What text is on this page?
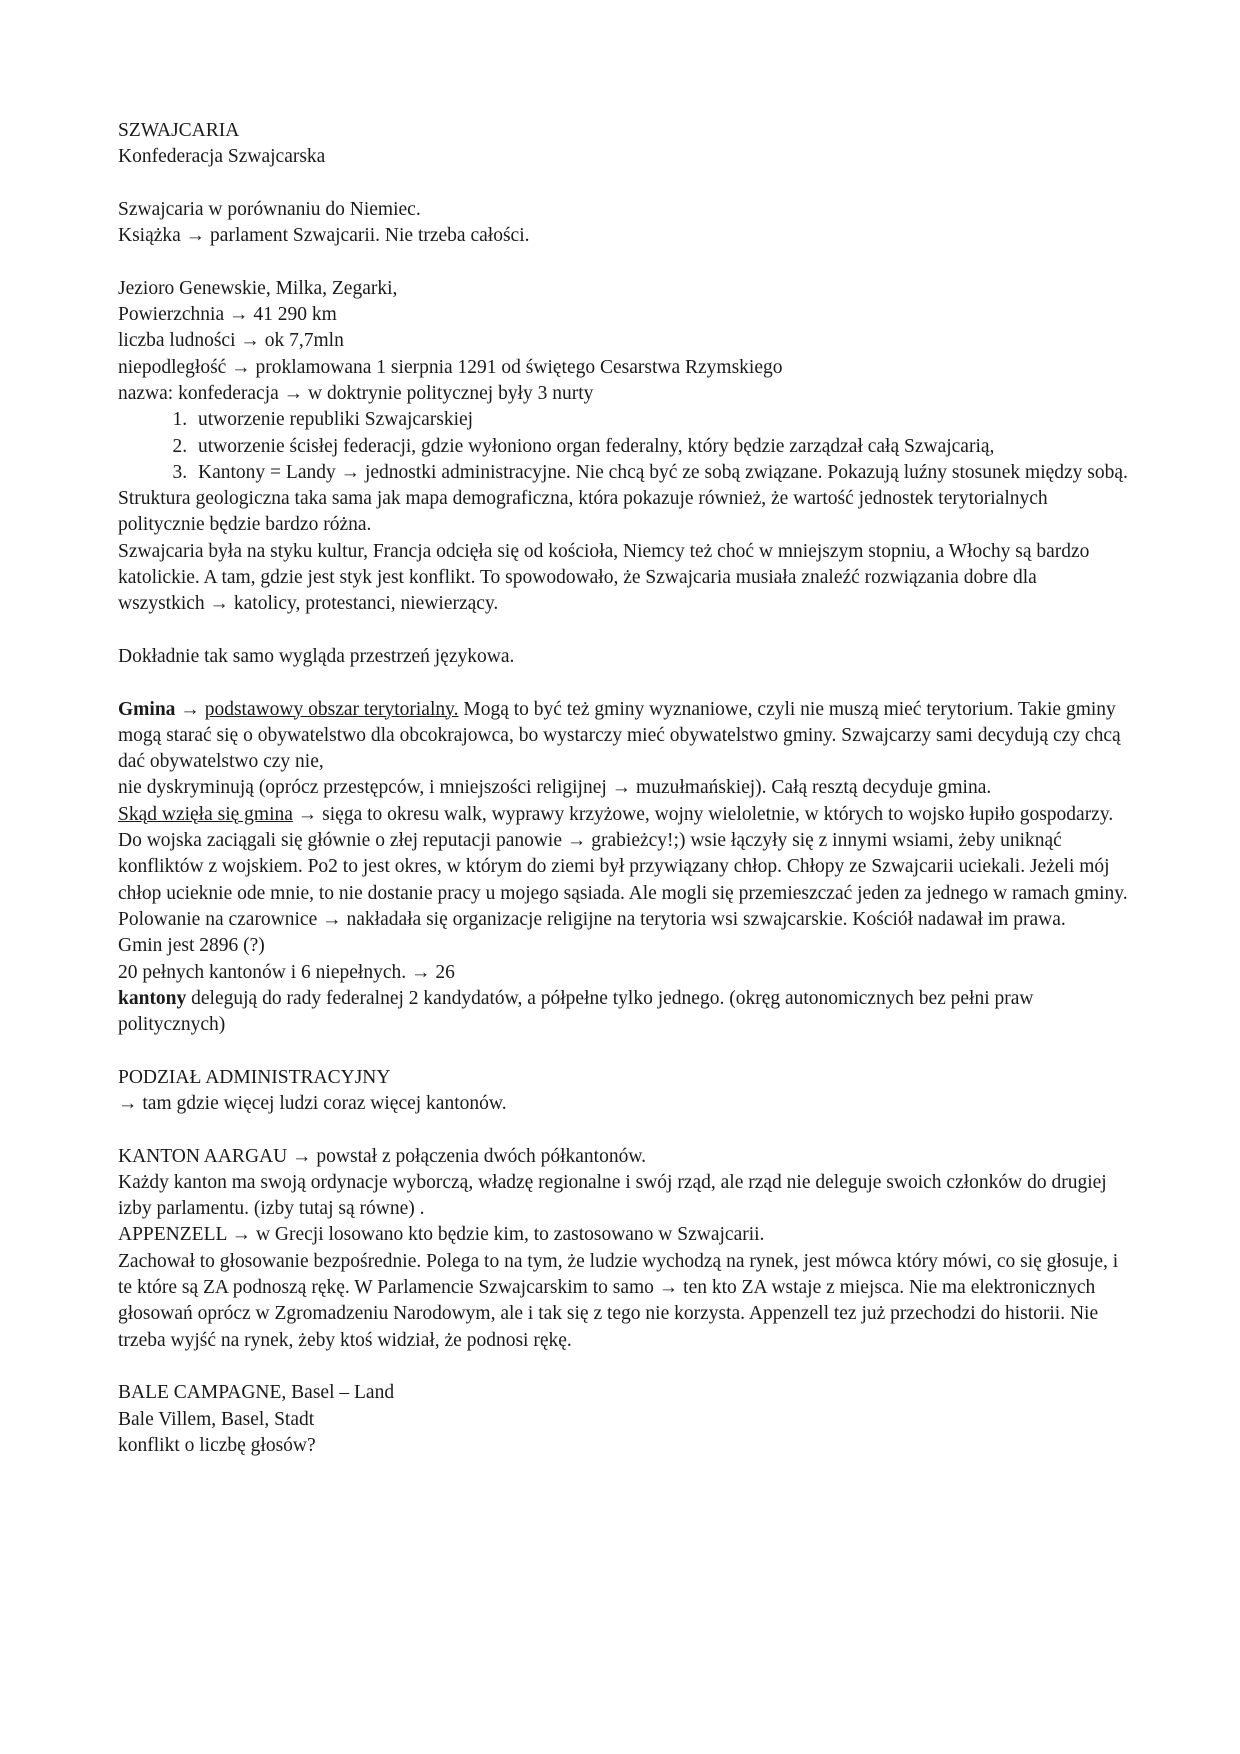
SZWAJCARIA

Konfederacja Szwajcarska

Szwajcaria w porównaniu do Niemiec.

Książka → parlament Szwajcarii. Nie trzeba całości.

Jezioro Genewskie, Milka, Zegarki,

Powierzchnia → 41 290 km

liczba ludności → ok 7,7mln

niepodległość → proklamowana 1 sierpnia 1291 od świętego Cesarstwa Rzymskiego

nazwa: konfederacja → w doktrynie politycznej były 3 nurty

1. utworzenie republiki Szwajcarskiej
2. utworzenie ścisłej federacji, gdzie wyłoniono organ federalny, który będzie zarządzał całą Szwajcarią,
3. Kantony = Landy → jednostki administracyjne. Nie chcą być ze sobą związane. Pokazują luźny stosunek między sobą.

Struktura geologiczna taka sama jak mapa demograficzna, która pokazuje również, że wartość jednostek terytorialnych politycznie będzie bardzo różna.

Szwajcaria była na styku kultur, Francja odcięła się od kościoła, Niemcy też choć w mniejszym stopniu, a Włochy są bardzo katolickie. A tam, gdzie jest styk jest konflikt. To spowodowało, że Szwajcaria musiała znaleźć rozwiązania dobre dla wszystkich → katolicy, protestanci, niewierzący.

Dokładnie tak samo wygląda przestrzeń językowa.

Gmina → podstawowy obszar terytorialny. Mogą to być też gminy wyznaniowe, czyli nie muszą mieć terytorium. Takie gminy mogą starać się o obywatelstwo dla obcokrajowca, bo wystarczy mieć obywatelstwo gminy. Szwajcarzy sami decydują czy chcą dać obywatelstwo czy nie,

nie dyskryminują (oprócz przestępców, i mniejszości religijnej → muzułmańskiej). Całą resztą decyduje gmina.

Skąd wzięła się gmina → sięga to okresu walk, wyprawy krzyżowe, wojny wieloletnie, w których to wojsko łupiło gospodarzy. Do wojska zaciągali się głównie o złej reputacji panowie → grabieżcy!;) wsie łączyły się z innymi wsiami, żeby uniknąć konfliktów z wojskiem. Po2 to jest okres, w którym do ziemi był przywiązany chłop. Chłopy ze Szwajcarii uciekali. Jeżeli mój chłop ucieknie ode mnie, to nie dostanie pracy u mojego sąsiada. Ale mogli się przemieszczać jeden za jednego w ramach gminy.

Polowanie na czarownice → nakładała się organizacje religijne na terytoria wsi szwajcarskie. Kościół nadawał im prawa.

Gmin jest 2896 (?)

20 pełnych kantonów i 6 niepełnych. → 26

kantony delegują do rady federalnej 2 kandydatów, a półpełne tylko jednego. (okręg autonomicznych bez pełni praw politycznych)

PODZIAŁ ADMINISTRACYJNY

→ tam gdzie więcej ludzi coraz więcej kantonów.

KANTON AARGAU → powstał z połączenia dwóch półkantonów.

Każdy kanton ma swoją ordynacje wyborczą, władzę regionalne i swój rząd, ale rząd nie deleguje swoich członków do drugiej izby parlamentu. (izby tutaj są równe) .

APPENZELL → w Grecji losowano kto będzie kim, to zastosowano w Szwajcarii.

Zachował to głosowanie bezpośrednie. Polega to na tym, że ludzie wychodzą na rynek, jest mówca który mówi, co się głosuje, i te które są ZA podnoszą rękę. W Parlamencie Szwajcarskim to samo → ten kto ZA wstaje z miejsca. Nie ma elektronicznych głosowań oprócz w Zgromadzeniu Narodowym, ale i tak się z tego nie korzysta. Appenzell tez już przechodzi do historii. Nie trzeba wyjść na rynek, żeby ktoś widział, że podnosi rękę.

BALE CAMPAGNE, Basel – Land

Bale Villem, Basel, Stadt

konflikt o liczbę głosów?
